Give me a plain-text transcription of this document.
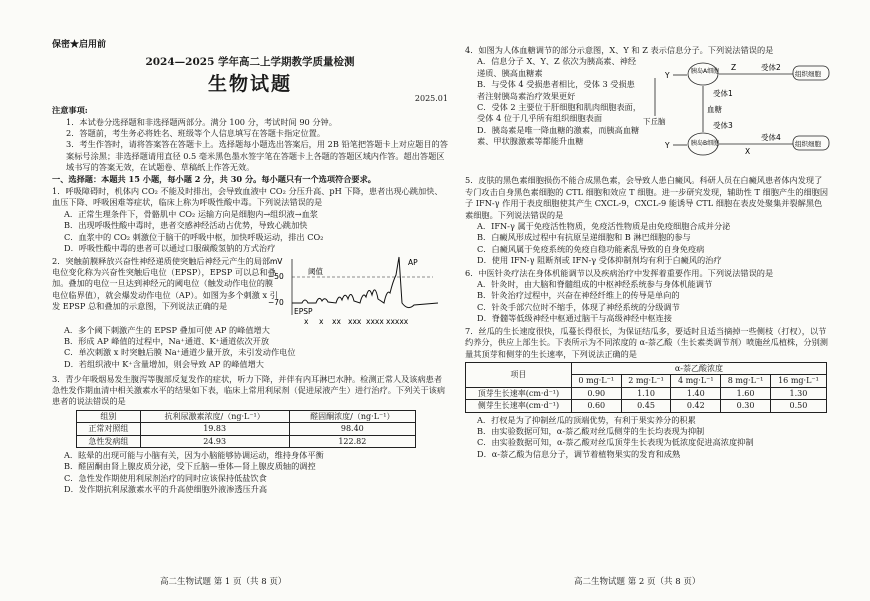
保密★启用前
2024—2025 学年高二上学期教学质量检测
生物试题
2025.01
注意事项:
1．本试卷分选择题和非选择题两部分。满分 100 分，考试时间 90 分钟。
2．答题前，考生务必将姓名、班级等个人信息填写在答题卡指定位置。
3．考生作答时，请将答案答在答题卡上。选择题每小题选出答案后，用 2B 铅笔把答题卡上对应题目的答案标号涂黑；非选择题请用直径 0.5 毫米黑色墨水签字笔在答题卡上各题的答题区域内作答。超出答题区域书写的答案无效，在试题卷、草稿纸上作答无效。
一、选择题：本题共 15 小题，每小题 2 分，共 30 分。每小题只有一个选项符合要求。
1．呼吸障碍时，机体内 CO₂ 不能及时排出，会导致血液中 CO₂ 分压升高、pH 下降，患者出现心跳加快、血压下降、呼吸困难等症状，临床上称为呼吸性酸中毒。下列说法错误的是
A．正常生理条件下，骨骼肌中 CO₂ 运输方向是细胞内→组织液→血浆
B．出现呼吸性酸中毒时，患者交感神经活动占优势，导致心跳加快
C．血浆中的 CO₂ 刺激位于脑干的呼吸中枢，加快呼吸运动，排出 CO₂
D．呼吸性酸中毒的患者可以通过口服碳酸氢钠的方式治疗
2．突触前膜释放兴奋性神经递质使突触后神经元产生的局部电位变化称为兴奋性突触后电位（EPSP），EPSP 可以总和叠加。叠加的电位一旦达到神经元的阈电位（触发动作电位的膜电位临界值），就会爆发动作电位（AP）。如图为多个刺激 x 引发 EPSP 总和叠加的示意图，下列说法正确的是
mV
−50
−70
阈值
AP
EPSP
x x xx xxx xxxx xxxxx
A．多个阈下刺激产生的 EPSP 叠加可使 AP 的峰值增大
B．形成 AP 峰值的过程中，Na⁺通道、K⁺通道依次开放
C．单次刺激 x 时突触后膜 Na⁺通道少量开放，未引发动作电位
D．若组织液中 K⁺含量增加，则会导致 AP 的峰值增大
3．青少年吸烟易发生腹泻等腹部反复发作的症状，听力下降，并伴有内耳淋巴水肿。检测正常人及该病患者急性发作期血清中相关激素水平的结果如下表，临床上常用利尿剂（促进尿液产生）进行治疗。下列关于该病患者的说法错误的是
组别	抗利尿激素浓度/（ng·L⁻¹）	醛固酮浓度/（ng·L⁻¹）
正常对照组	19.83	98.40
急性发病组	24.93	122.82
A．眩晕的出现可能与小脑有关，因为小脑能够协调运动，维持身体平衡
B．醛固酮由肾上腺皮质分泌，受下丘脑—垂体—肾上腺皮质轴的调控
C．急性发作期使用利尿剂治疗的同时应该保持低盐饮食
D．发作期抗利尿激素水平的升高使细胞外液渗透压升高
4．如图为人体血糖调节的部分示意图，X、Y 和 Z 表示信息分子。下列说法错误的是
A．信息分子 X、Y、Z 依次为胰高素、神经递质、胰高血糖素
B．与受体 4 受损患者相比，受体 3 受损患者注射胰岛素治疗效果更好
C．受体 2 主要位于肝细胞和肌肉细胞表面，受体 4 位于几乎所有组织细胞表面
D．胰岛素是唯一降血糖的激素，而胰高血糖素、甲状腺激素等都能升血糖
胰岛A细胞
胰岛B细胞
组织细胞
组织细胞
Y
Y
Z	受体2
X
受体4
血糖
受体1
受体3
下丘脑
5．皮肤的黑色素细胞损伤不能合成黑色素，会导致人患白癜风。科研人员在白癜风患者体内发现了专门攻击自身黑色素细胞的 CTL 细胞和效应 T 细胞。进一步研究发现，辅助性 T 细胞产生的细胞因子 IFN-γ 作用于表皮细胞使其产生 CXCL-9，CXCL-9 能诱导 CTL 细胞在表皮处聚集并裂解黑色素细胞。下列说法错误的是
A．IFN-γ 属于免疫活性物质，免疫活性物质是由免疫细胞合成并分泌
B．白癜风形成过程中有抗原呈递细胞和 B 淋巴细胞的参与
C．白癜风属于免疫系统的免疫自稳功能紊乱导致的自身免疫病
D．使用 IFN-γ 阻断剂或 IFN-γ 受体抑制剂均有利于白癜风的治疗
6．中医针灸疗法在身体机能调节以及疾病治疗中发挥着重要作用。下列说法错误的是
A．针灸时，由大脑和脊髓组成的中枢神经系统参与身体机能调节
B．针灸治疗过程中，兴奋在神经纤维上的传导是单向的
C．针灸手部穴位时不缩手，体现了神经系统的分级调节
D．脊髓等低级神经中枢通过脑干与高级神经中枢连接
7．丝瓜的生长速度很快，瓜蔓长得很长，为保证结瓜多，要适时且适当摘掉一些侧枝（打杈），以节约养分，供应上部生长。下表所示为不同浓度的 α-萘乙酸（生长素类调节剂）喷施丝瓜植株，分别测量其顶芽和侧芽的生长速率，下列说法正确的是
项目	α-萘乙酸浓度				
	0 mg·L⁻¹	2 mg·L⁻¹	4 mg·L⁻¹	8 mg·L⁻¹	16 mg·L⁻¹
顶芽生长速率(cm·d⁻¹)	0.90	1.10	1.40	1.60	1.30
侧芽生长速率(cm·d⁻¹)	0.60	0.45	0.42	0.30	0.50
A．打杈是为了抑制丝瓜的顶端优势，有利于果实养分的积累
B．由实验数据可知，α-萘乙酸对丝瓜侧芽的生长均表现为抑制
C．由实验数据可知，α-萘乙酸对丝瓜顶芽生长表现为低浓度促进高浓度抑制
D．α-萘乙酸为信息分子，调节着植物果实的发育和成熟
高二生物试题 第 1 页（共 8 页）	高二生物试题 第 2 页（共 8 页）
